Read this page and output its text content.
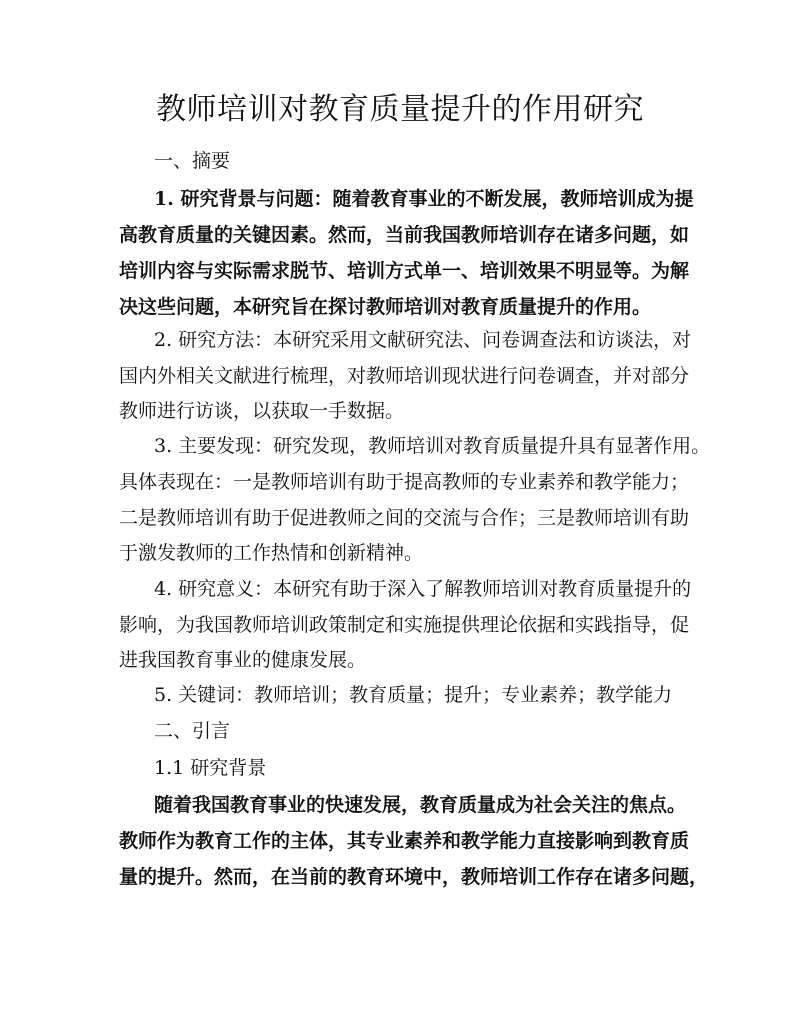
教师培训对教育质量提升的作用研究
一、摘要
1. 研究背景与问题：随着教育事业的不断发展，教师培训成为提
高教育质量的关键因素。然而，当前我国教师培训存在诸多问题，如
培训内容与实际需求脱节、培训方式单一、培训效果不明显等。为解
决这些问题，本研究旨在探讨教师培训对教育质量提升的作用。
2. 研究方法：本研究采用文献研究法、问卷调查法和访谈法，对
国内外相关文献进行梳理，对教师培训现状进行问卷调查，并对部分
教师进行访谈，以获取一手数据。
3. 主要发现：研究发现，教师培训对教育质量提升具有显著作用。
具体表现在：一是教师培训有助于提高教师的专业素养和教学能力；
二是教师培训有助于促进教师之间的交流与合作；三是教师培训有助
于激发教师的工作热情和创新精神。
4. 研究意义：本研究有助于深入了解教师培训对教育质量提升的
影响，为我国教师培训政策制定和实施提供理论依据和实践指导，促
进我国教育事业的健康发展。
5. 关键词：教师培训；教育质量；提升；专业素养；教学能力
二、引言
1.1 研究背景
随着我国教育事业的快速发展，教育质量成为社会关注的焦点。
教师作为教育工作的主体，其专业素养和教学能力直接影响到教育质
量的提升。然而，在当前的教育环境中，教师培训工作存在诸多问题，
